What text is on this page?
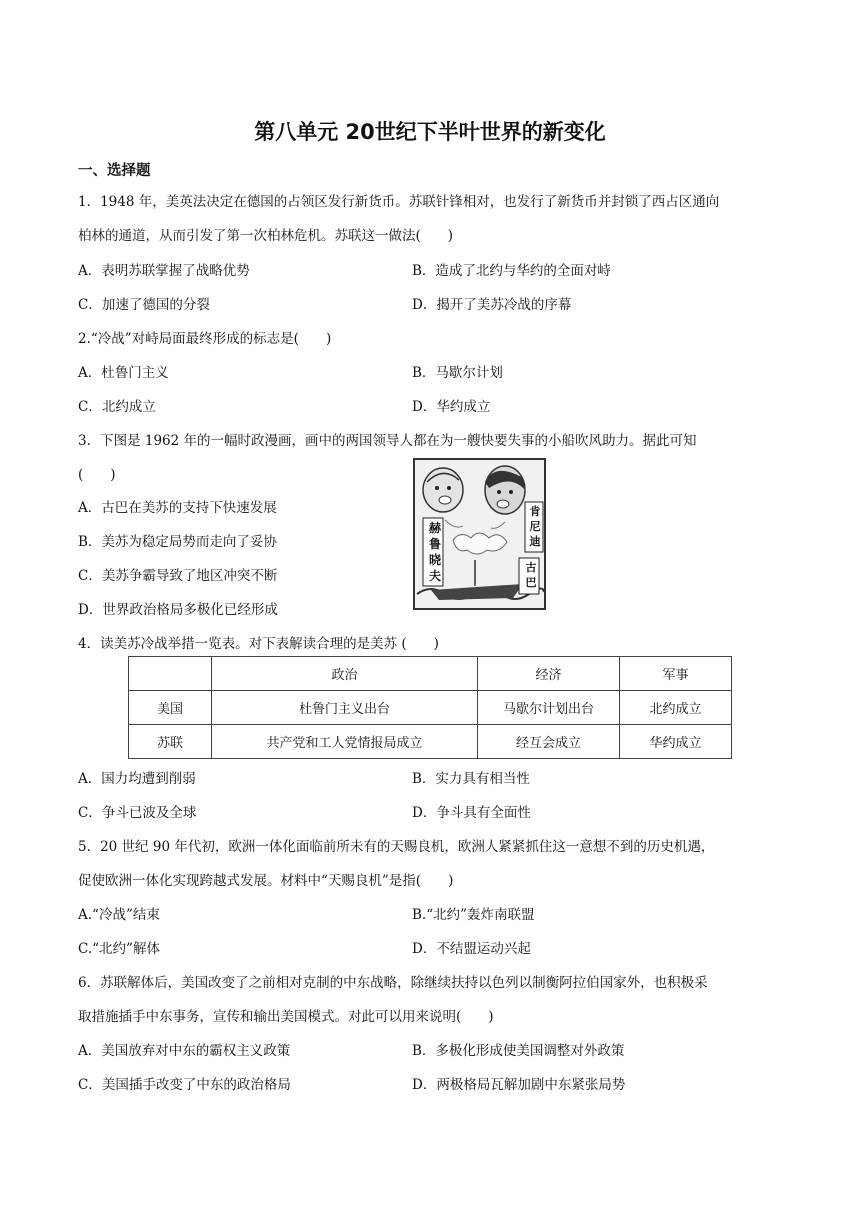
第八单元 20世纪下半叶世界的新变化
一、选择题
1．1948 年，美英法决定在德国的占领区发行新货币。苏联针锋相对，也发行了新货币并封锁了西占区通向
柏林的通道，从而引发了第一次柏林危机。苏联这一做法(　　)
A．表明苏联掌握了战略优势	B．造成了北约与华约的全面对峙
C．加速了德国的分裂	D．揭开了美苏冷战的序幕
2.“冷战”对峙局面最终形成的标志是(　　)
A．杜鲁门主义	B．马歇尔计划
C．北约成立	D．华约成立
3．下图是 1962 年的一幅时政漫画，画中的两国领导人都在为一艘快要失事的小船吹风助力。据此可知
(　　)
A．古巴在美苏的支持下快速发展
B．美苏为稳定局势而走向了妥协
C．美苏争霸导致了地区冲突不断
D．世界政治格局多极化已经形成
赫鲁晓夫
肯尼迪
古巴
4．读美苏冷战举措一览表。对下表解读合理的是美苏 (　　)
	政治	经济	军事
美国	杜鲁门主义出台	马歇尔计划出台	北约成立
苏联	共产党和工人党情报局成立	经互会成立	华约成立
A．国力均遭到削弱	B．实力具有相当性
C．争斗已波及全球	D．争斗具有全面性
5．20 世纪 90 年代初，欧洲一体化面临前所未有的天赐良机，欧洲人紧紧抓住这一意想不到的历史机遇，
促使欧洲一体化实现跨越式发展。材料中“天赐良机”是指(　　)
A.“冷战”结束	B.“北约”轰炸南联盟
C.“北约”解体	D．不结盟运动兴起
6．苏联解体后，美国改变了之前相对克制的中东战略，除继续扶持以色列以制衡阿拉伯国家外，也积极采
取措施插手中东事务，宣传和输出美国模式。对此可以用来说明(　　)
A．美国放弃对中东的霸权主义政策	B．多极化形成使美国调整对外政策
C．美国插手改变了中东的政治格局	D．两极格局瓦解加剧中东紧张局势
